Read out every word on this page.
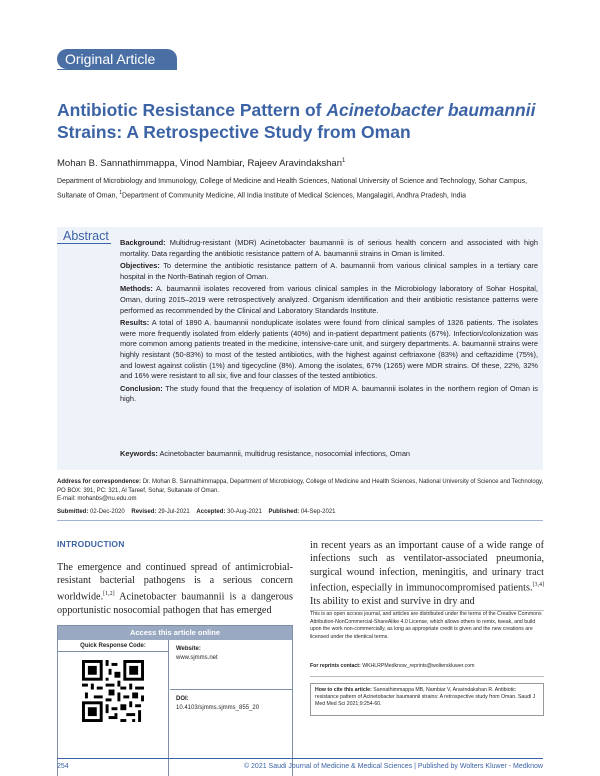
Original Article
Antibiotic Resistance Pattern of Acinetobacter baumannii
Strains: A Retrospective Study from Oman
Mohan B. Sannathimmappa, Vinod Nambiar, Rajeev Aravindakshan$^1$
Department of Microbiology and Immunology, College of Medicine and Health Sciences, National University of Science and Technology, Sohar Campus, Sultanate of Oman, $^1$Department of Community Medicine, All India Institute of Medical Sciences, Mangalagiri, Andhra Pradesh, India
Abstract Background: Multidrug-resistant (MDR) Acinetobacter baumannii is of serious health concern and associated with high mortality. Data regarding the antibiotic resistance pattern of A. baumannii strains in Oman is limited.

Objectives: To determine the antibiotic resistance pattern of A. baumannii from various clinical samples in a tertiary care hospital in the North-Batinah region of Oman.

Methods: A. baumannii isolates recovered from various clinical samples in the Microbiology laboratory of Sohar Hospital, Oman, during 2015–2019 were retrospectively analyzed. Organism identification and their antibiotic resistance patterns were performed as recommended by the Clinical and Laboratory Standards Institute.

Results: A total of 1890 A. baumannii nonduplicate isolates were found from clinical samples of 1326 patients. The isolates were more frequently isolated from elderly patients (40%) and in-patient department patients (67%). Infection/colonization was more common among patients treated in the medicine, intensive-care unit, and surgery departments. A. baumannii strains were highly resistant (50-83%) to most of the tested antibiotics, with the highest against ceftriaxone (83%) and ceftazidime (75%), and lowest against colistin (1%) and tigecycline (8%). Among the isolates, 67% (1265) were MDR strains. Of these, 22%, 32% and 16% were resistant to all six, five and four classes of the tested antibiotics.

Conclusion: The study found that the frequency of isolation of MDR A. baumannii isolates in the northern region of Oman is high.

Keywords: Acinetobacter baumannii, multidrug resistance, nosocomial infections, Oman
Address for correspondence: Dr. Mohan B. Sannathimmappa, Department of Microbiology, College of Medicine and Health Sciences, National University of Science and Technology, PO BOX: 391, PC: 321, Al Tareef, Sohar, Sultanate of Oman.
E-mail: mohanbs@nu.edu.om
Submitted: 02-Dec-2020 Revised: 29-Jul-2021 Accepted: 30-Aug-2021 Published: 04-Sep-2021
INTRODUCTION
The emergence and continued spread of antimicrobial-resistant bacterial pathogens is a serious concern worldwide.[1,2] Acinetobacter baumannii is a dangerous opportunistic nosocomial pathogen that has emerged
in recent years as an important cause of a wide range of infections such as ventilator-associated pneumonia, surgical wound infection, meningitis, and urinary tract infection, especially in immunocompromised patients.[3,4] Its ability to exist and survive in dry and
Access this article online
Quick Response Code:	Website:
www.sjmms.net
DOI:
10.4103/sjmms.sjmms_855_20
This is an open access journal, and articles are distributed under the terms of the Creative Commons Attribution-NonCommercial-ShareAlike 4.0 License, which allows others to remix, tweak, and build upon the work non-commercially, as long as appropriate credit is given and the new creations are licensed under the identical terms.
For reprints contact: WKHLRPMedknow_reprints@wolterskluwer.com
How to cite this article: Sannathimmappa MB, Nambiar V, Aravindakshan R. Antibiotic resistance pattern of Acinetobacter baumannii strains: A retrospective study from Oman. Saudi J Med Med Sci 2021;9:254-60.
254	© 2021 Saudi Journal of Medicine & Medical Sciences | Published by Wolters Kluwer - Medknow
